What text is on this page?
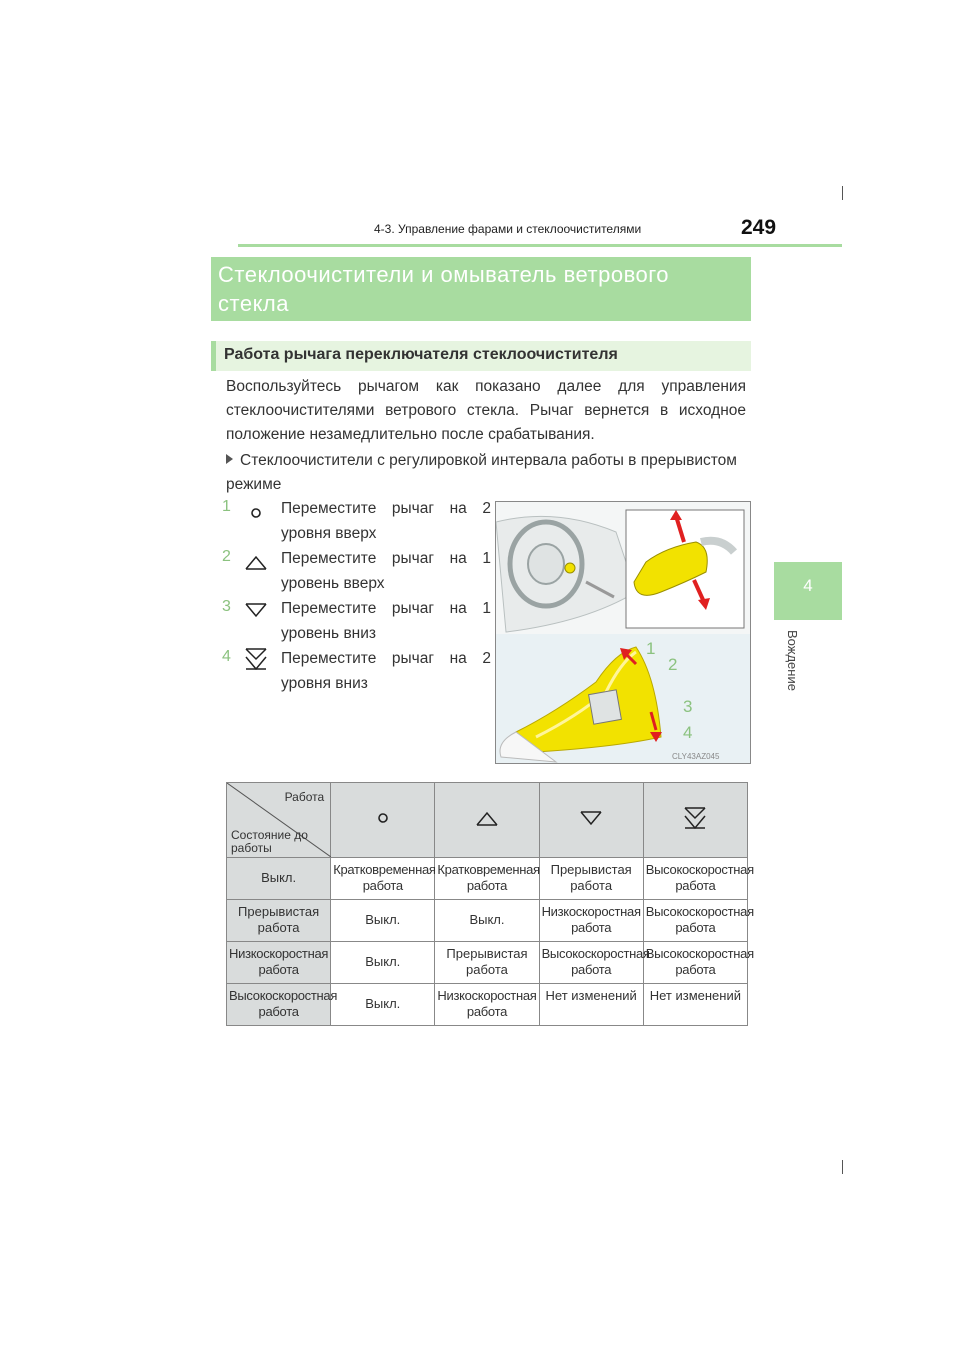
4-3. Управление фарами и стеклоочистителями	249
4
Вождение
Стеклоочистители и омыватель ветрового стекла
Работа рычага переключателя стеклоочистителя
Воспользуйтесь рычагом как показано далее для управления стеклоочистителями ветрового стекла. Рычаг вернется в исходное положение незамедлительно после срабатывания.
Стеклоочистители с регулировкой интервала работы в прерывистом режиме
1	Переместите рычаг на 2 уровня вверх
2	Переместите рычаг на 1 уровень вверх
3	Переместите рычаг на 1 уровень вниз
4	Переместите рычаг на 2 уровня вниз
1
2
3
4
CLY43AZ045
Работа
Состояние до работы

Выкл.	Кратковременная работа	Кратковременная работа	Прерывистая работа	Высокоскоростная работа
Прерывистая работа	Выкл.	Выкл.	Низкоскоростная работа	Высокоскоростная работа
Низкоскоростная работа	Выкл.	Прерывистая работа	Высокоскоростная работа	Высокоскоростная работа
Высокоскоростная работа	Выкл.	Низкоскоростная работа	Нет изменений	Нет изменений
